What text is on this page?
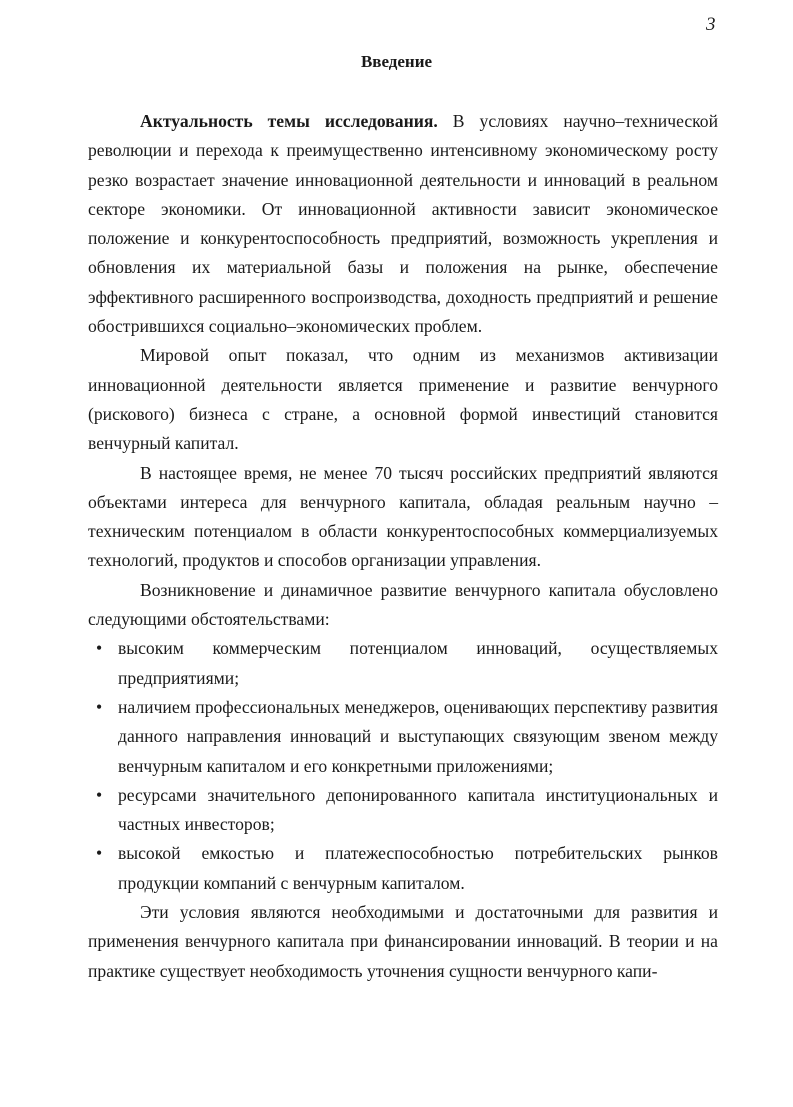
3
Введение

Актуальность темы исследования. В условиях научно–технической революции и перехода к преимущественно интенсивному экономическому росту резко возрастает значение инновационной деятельности и инноваций в реальном секторе экономики. От инновационной активности зависит экономическое положение и конкурентоспособность предприятий, возможность укрепления и обновления их материальной базы и положения на рынке, обеспечение эффективного расширенного воспроизводства, доходность предприятий и решение обострившихся социально–экономических проблем.

Мировой опыт показал, что одним из механизмов активизации инновационной деятельности является применение и развитие венчурного (рискового) бизнеса с стране, а основной формой инвестиций становится венчурный капитал.

В настоящее время, не менее 70 тысяч российских предприятий являются объектами интереса для венчурного капитала, обладая реальным научно – техническим потенциалом в области конкурентоспособных коммерциализуемых технологий, продуктов и способов организации управления.

Возникновение и динамичное развитие венчурного капитала обусловлено следующими обстоятельствами:

• высоким коммерческим потенциалом инноваций, осуществляемых предприятиями;
• наличием профессиональных менеджеров, оценивающих перспективу развития данного направления инноваций и выступающих связующим звеном между венчурным капиталом и его конкретными приложениями;
• ресурсами значительного депонированного капитала институциональных и частных инвесторов;
• высокой емкостью и платежеспособностью потребительских рынков продукции компаний с венчурным капиталом.

Эти условия являются необходимыми и достаточными для развития и применения венчурного капитала при финансировании инноваций. В теории и на практике существует необходимость уточнения сущности венчурного капи-
